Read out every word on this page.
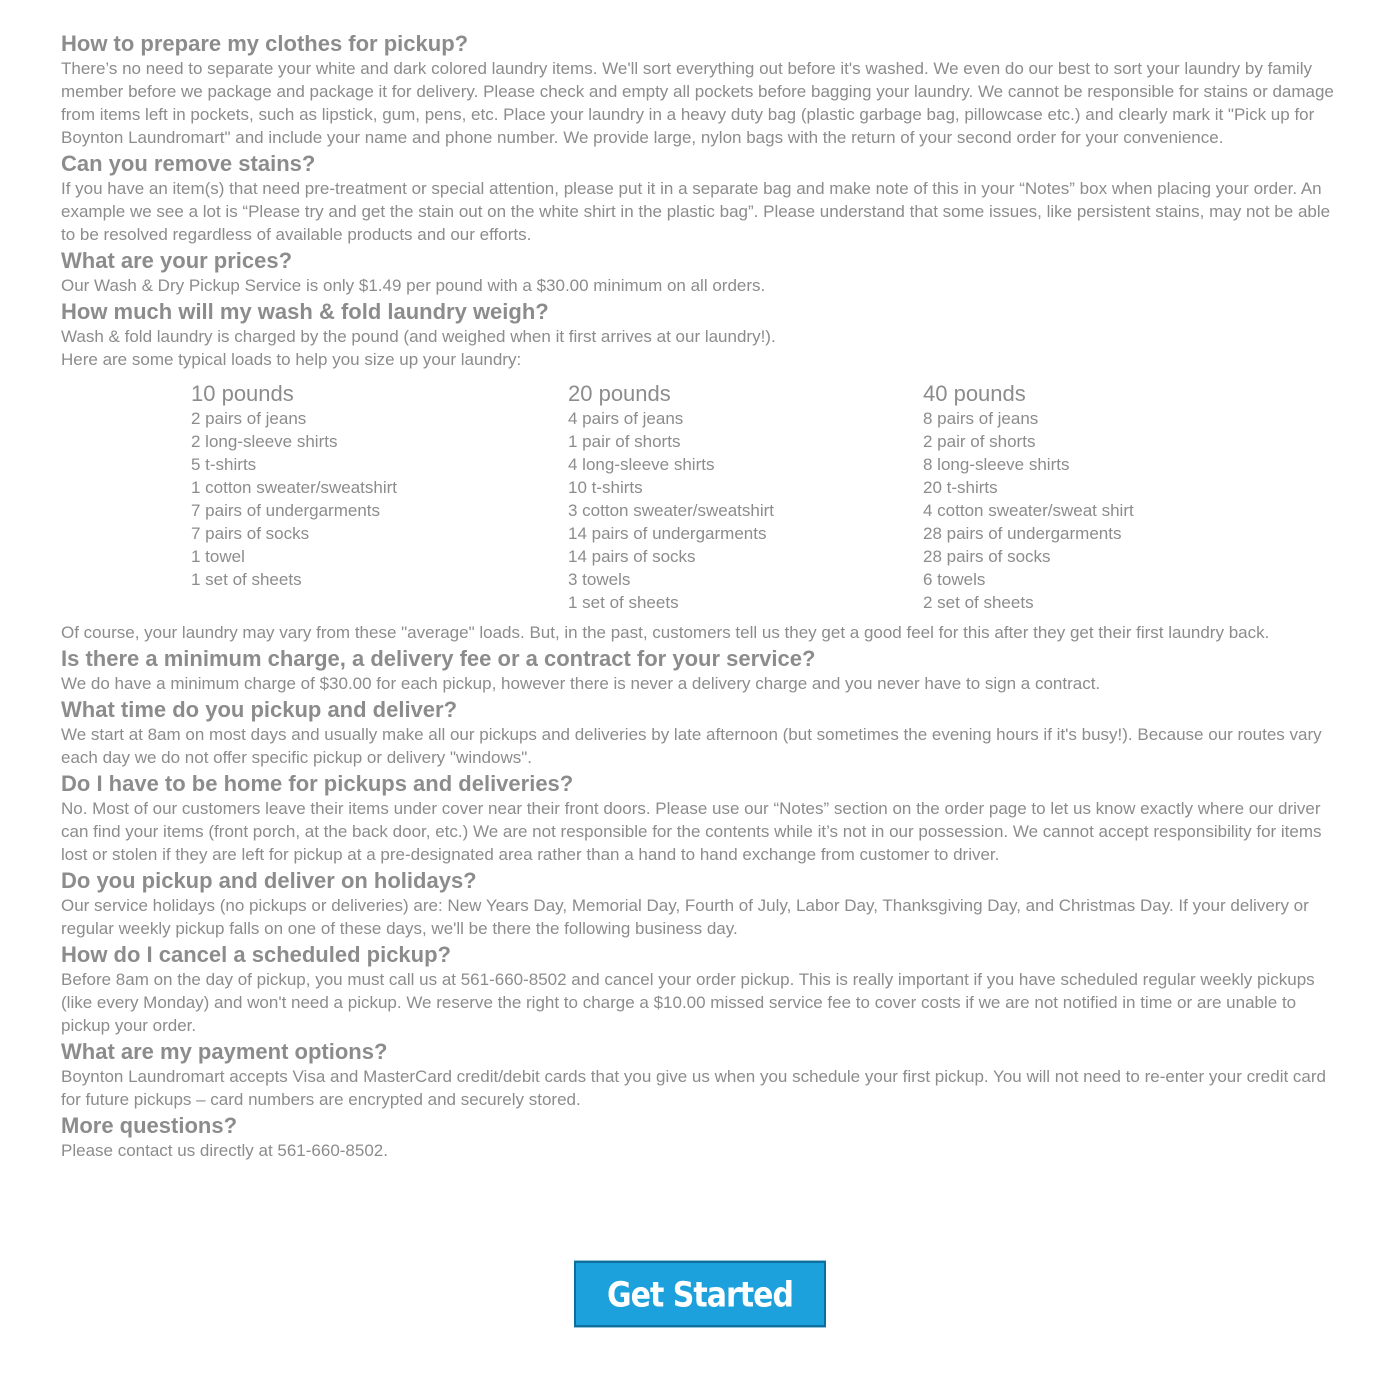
How to prepare my clothes for pickup?

There’s no need to separate your white and dark colored laundry items. We'll sort everything out before it's washed. We even do our best to sort your laundry by family member before we package and package it for delivery. Please check and empty all pockets before bagging your laundry. We cannot be responsible for stains or damage from items left in pockets, such as lipstick, gum, pens, etc. Place your laundry in a heavy duty bag (plastic garbage bag, pillowcase etc.) and clearly mark it "Pick up for Boynton Laundromart" and include your name and phone number. We provide large, nylon bags with the return of your second order for your convenience.

Can you remove stains?

If you have an item(s) that need pre-treatment or special attention, please put it in a separate bag and make note of this in your “Notes” box when placing your order. An example we see a lot is “Please try and get the stain out on the white shirt in the plastic bag”. Please understand that some issues, like persistent stains, may not be able to be resolved regardless of available products and our efforts.

What are your prices?

Our Wash & Dry Pickup Service is only $1.49 per pound with a $30.00 minimum on all orders.

How much will my wash & fold laundry weigh?

Wash & fold laundry is charged by the pound (and weighed when it first arrives at our laundry!).

Here are some typical loads to help you size up your laundry:

10 pounds
2 pairs of jeans
2 long-sleeve shirts
5 t-shirts
1 cotton sweater/sweatshirt
7 pairs of undergarments
7 pairs of socks
1 towel
1 set of sheets
20 pounds
4 pairs of jeans
1 pair of shorts
4 long-sleeve shirts
10 t-shirts
3 cotton sweater/sweatshirt
14 pairs of undergarments
14 pairs of socks
3 towels
1 set of sheets
40 pounds
8 pairs of jeans
2 pair of shorts
8 long-sleeve shirts
20 t-shirts
4 cotton sweater/sweat shirt
28 pairs of undergarments
28 pairs of socks
6 towels
2 set of sheets

Of course, your laundry may vary from these "average" loads. But, in the past, customers tell us they get a good feel for this after they get their first laundry back.

Is there a minimum charge, a delivery fee or a contract for your service?

We do have a minimum charge of $30.00 for each pickup, however there is never a delivery charge and you never have to sign a contract.

What time do you pickup and deliver?

We start at 8am on most days and usually make all our pickups and deliveries by late afternoon (but sometimes the evening hours if it's busy!). Because our routes vary each day we do not offer specific pickup or delivery "windows".

Do I have to be home for pickups and deliveries?

No. Most of our customers leave their items under cover near their front doors. Please use our “Notes” section on the order page to let us know exactly where our driver can find your items (front porch, at the back door, etc.) We are not responsible for the contents while it’s not in our possession. We cannot accept responsibility for items lost or stolen if they are left for pickup at a pre-designated area rather than a hand to hand exchange from customer to driver.

Do you pickup and deliver on holidays?

Our service holidays (no pickups or deliveries) are: New Years Day, Memorial Day, Fourth of July, Labor Day, Thanksgiving Day, and Christmas Day. If your delivery or regular weekly pickup falls on one of these days, we'll be there the following business day.

How do I cancel a scheduled pickup?

Before 8am on the day of pickup, you must call us at 561-660-8502 and cancel your order pickup. This is really important if you have scheduled regular weekly pickups (like every Monday) and won't need a pickup. We reserve the right to charge a $10.00 missed service fee to cover costs if we are not notified in time or are unable to pickup your order.

What are my payment options?

Boynton Laundromart accepts Visa and MasterCard credit/debit cards that you give us when you schedule your first pickup. You will not need to re-enter your credit card for future pickups – card numbers are encrypted and securely stored.

More questions?

Please contact us directly at 561-660-8502.

Get Started Now
